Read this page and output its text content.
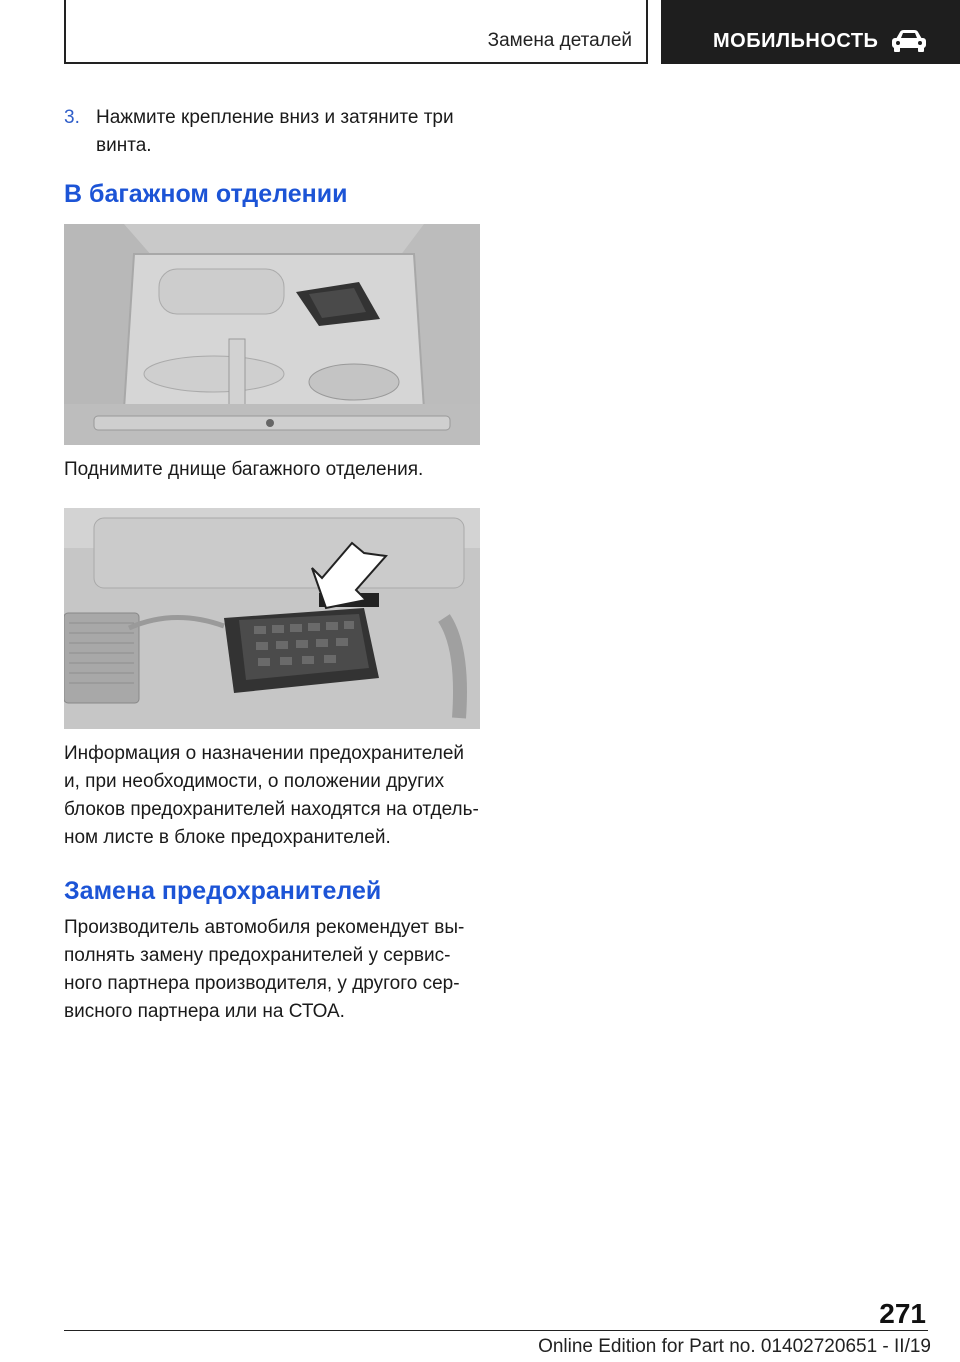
Замена деталей	МОБИЛЬНОСТЬ
3. Нажмите крепление вниз и затяните три
винта.
В багажном отделении
Поднимите днище багажного отделения.
Информация о назначении предохранителей
и, при необходимости, о положении других
блоков предохранителей находятся на отдель-
ном листе в блоке предохранителей.
Замена предохранителей
Производитель автомобиля рекомендует вы-
полнять замену предохранителей у сервис-
ного партнера производителя, у другого сер-
висного партнера или на СТОА.
271
Online Edition for Part no. 01402720651 - II/19
